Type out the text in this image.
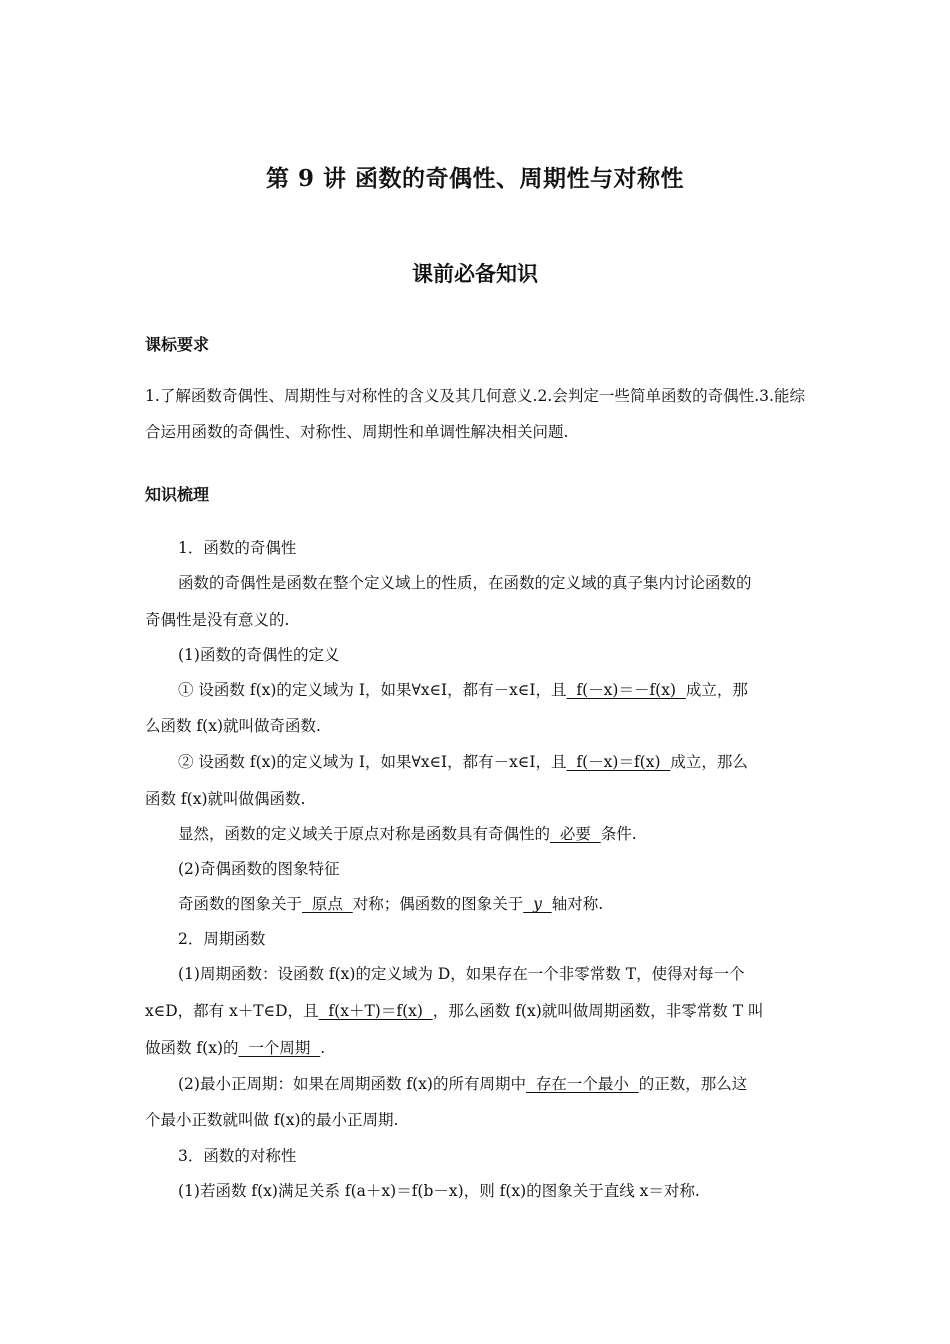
第 9 讲 函数的奇偶性、周期性与对称性
课前必备知识
课标要求
1.了解函数奇偶性、周期性与对称性的含义及其几何意义.2.会判定一些简单函数的奇偶性.3.能综合运用函数的奇偶性、对称性、周期性和单调性解决相关问题.
知识梳理
1．函数的奇偶性
函数的奇偶性是函数在整个定义域上的性质，在函数的定义域的真子集内讨论函数的
奇偶性是没有意义的.
(1)函数的奇偶性的定义
① 设函数 f(x)的定义域为 I，如果∀x∈I，都有－x∈I，且  f(－x)＝－f(x)  成立，那
么函数 f(x)就叫做奇函数.
② 设函数 f(x)的定义域为 I，如果∀x∈I，都有－x∈I，且  f(－x)＝f(x)  成立，那么
函数 f(x)就叫做偶函数.
显然，函数的定义域关于原点对称是函数具有奇偶性的  必要  条件.
(2)奇偶函数的图象特征
奇函数的图象关于  原点  对称；偶函数的图象关于  y  轴对称.
2．周期函数
(1)周期函数：设函数 f(x)的定义域为 D，如果存在一个非零常数 T，使得对每一个
x∈D，都有 x＋T∈D，且  f(x＋T)＝f(x)  ，那么函数 f(x)就叫做周期函数，非零常数 T 叫
做函数 f(x)的  一个周期  .
(2)最小正周期：如果在周期函数 f(x)的所有周期中  存在一个最小  的正数，那么这
个最小正数就叫做 f(x)的最小正周期.
3．函数的对称性
(1)若函数 f(x)满足关系 f(a＋x)＝f(b－x)，则 f(x)的图象关于直线 x＝对称.
